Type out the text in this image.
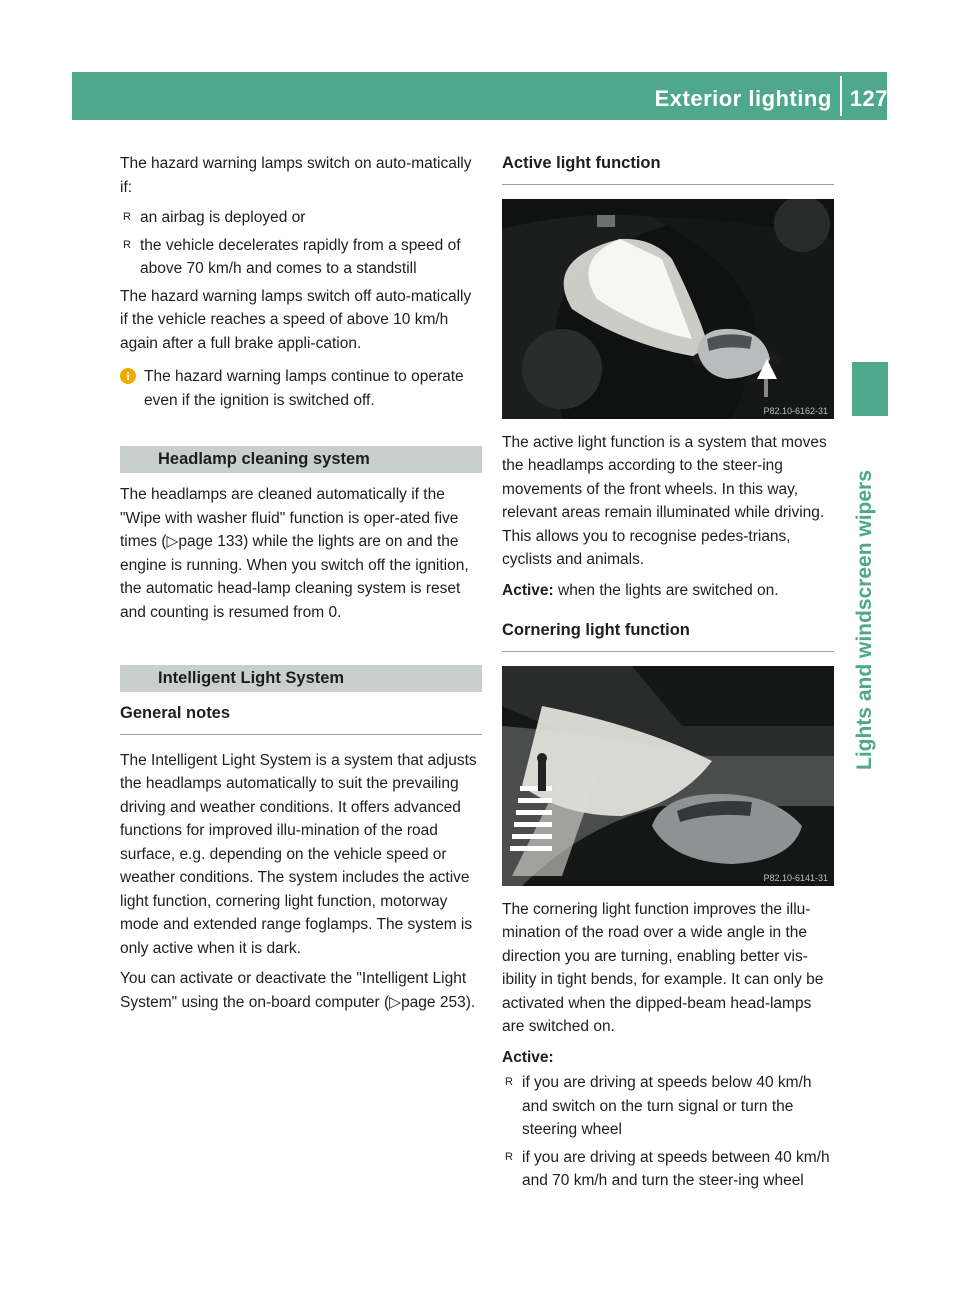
Exterior lighting 127
Lights and windscreen wipers

The hazard warning lamps switch on auto-matically if:

R an airbag is deployed or
R the vehicle decelerates rapidly from a speed of above 70 km/h and comes to a standstill

The hazard warning lamps switch off auto-matically if the vehicle reaches a speed of above 10 km/h again after a full brake appli-cation.

i The hazard warning lamps continue to operate even if the ignition is switched off.
Headlamp cleaning system

The headlamps are cleaned automatically if the "Wipe with washer fluid" function is oper-ated five times (▷page 133) while the lights are on and the engine is running. When you switch off the ignition, the automatic head-lamp cleaning system is reset and counting is resumed from 0.

Intelligent Light System
General notes

The Intelligent Light System is a system that adjusts the headlamps automatically to suit the prevailing driving and weather conditions. It offers advanced functions for improved illu-mination of the road surface, e.g. depending on the vehicle speed or weather conditions. The system includes the active light function, cornering light function, motorway mode and extended range foglamps. The system is only active when it is dark.

You can activate or deactivate the "Intelligent Light System" using the on-board computer (▷page 253).

Active light function
P82.10-6162-31

The active light function is a system that moves the headlamps according to the steer-ing movements of the front wheels. In this way, relevant areas remain illuminated while driving. This allows you to recognise pedes-trians, cyclists and animals.

Active: when the lights are switched on.

Cornering light function
P82.10-6141-31

The cornering light function improves the illu-mination of the road over a wide angle in the direction you are turning, enabling better vis-ibility in tight bends, for example. It can only be activated when the dipped-beam head-lamps are switched on.

Active:

R if you are driving at speeds below 40 km/h and switch on the turn signal or turn the steering wheel
R if you are driving at speeds between 40 km/h and 70 km/h and turn the steer-ing wheel
